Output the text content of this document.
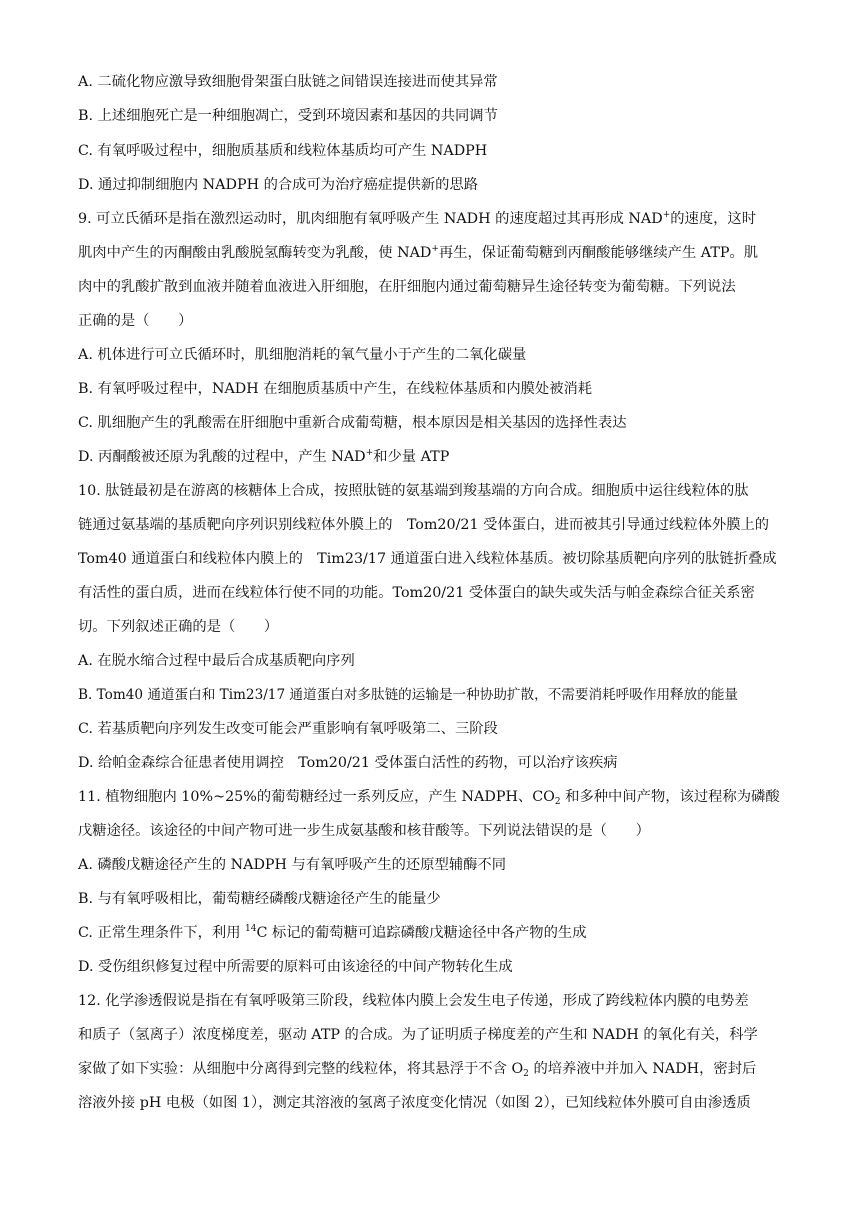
A. 二硫化物应激导致细胞骨架蛋白肽链之间错误连接进而使其异常
B. 上述细胞死亡是一种细胞凋亡，受到环境因素和基因的共同调节
C. 有氧呼吸过程中，细胞质基质和线粒体基质均可产生 NADPH
D. 通过抑制细胞内 NADPH 的合成可为治疗癌症提供新的思路
9. 可立氏循环是指在激烈运动时，肌肉细胞有氧呼吸产生 NADH 的速度超过其再形成 NAD+的速度，这时
肌肉中产生的丙酮酸由乳酸脱氢酶转变为乳酸，使 NAD+再生，保证葡萄糖到丙酮酸能够继续产生 ATP。肌
肉中的乳酸扩散到血液并随着血液进入肝细胞，在肝细胞内通过葡萄糖异生途径转变为葡萄糖。下列说法
正确的是（　　）
A. 机体进行可立氏循环时，肌细胞消耗的氧气量小于产生的二氧化碳量
B. 有氧呼吸过程中，NADH 在细胞质基质中产生，在线粒体基质和内膜处被消耗
C. 肌细胞产生的乳酸需在肝细胞中重新合成葡萄糖，根本原因是相关基因的选择性表达
D. 丙酮酸被还原为乳酸的过程中，产生 NAD+和少量 ATP
10. 肽链最初是在游离的核糖体上合成，按照肽链的氨基端到羧基端的方向合成。细胞质中运往线粒体的肽
链通过氨基端的基质靶向序列识别线粒体外膜上的　Tom20/21 受体蛋白，进而被其引导通过线粒体外膜上的
Tom40 通道蛋白和线粒体内膜上的　Tim23/17 通道蛋白进入线粒体基质。被切除基质靶向序列的肽链折叠成
有活性的蛋白质，进而在线粒体行使不同的功能。Tom20/21 受体蛋白的缺失或失活与帕金森综合征关系密
切。下列叙述正确的是（　　）
A. 在脱水缩合过程中最后合成基质靶向序列
B. Tom40 通道蛋白和 Tim23/17 通道蛋白对多肽链的运输是一种协助扩散，不需要消耗呼吸作用释放的能量
C. 若基质靶向序列发生改变可能会严重影响有氧呼吸第二、三阶段
D. 给帕金森综合征患者使用调控　Tom20/21 受体蛋白活性的药物，可以治疗该疾病
11. 植物细胞内 10%~25%的葡萄糖经过一系列反应，产生 NADPH、$CO_2$ 和多种中间产物，该过程称为磷酸
戊糖途径。该途径的中间产物可进一步生成氨基酸和核苷酸等。下列说法错误的是（　　）
A. 磷酸戊糖途径产生的 NADPH 与有氧呼吸产生的还原型辅酶不同
B. 与有氧呼吸相比，葡萄糖经磷酸戊糖途径产生的能量少
C. 正常生理条件下，利用 $^{14}$C 标记的葡萄糖可追踪磷酸戊糖途径中各产物的生成
D. 受伤组织修复过程中所需要的原料可由该途径的中间产物转化生成
12. 化学渗透假说是指在有氧呼吸第三阶段，线粒体内膜上会发生电子传递，形成了跨线粒体内膜的电势差
和质子（氢离子）浓度梯度差，驱动 ATP 的合成。为了证明质子梯度差的产生和 NADH 的氧化有关，科学
家做了如下实验：从细胞中分离得到完整的线粒体，将其悬浮于不含 $O_2$ 的培养液中并加入 NADH，密封后
溶液外接 pH 电极（如图 1），测定其溶液的氢离子浓度变化情况（如图 2），已知线粒体外膜可自由渗透质
